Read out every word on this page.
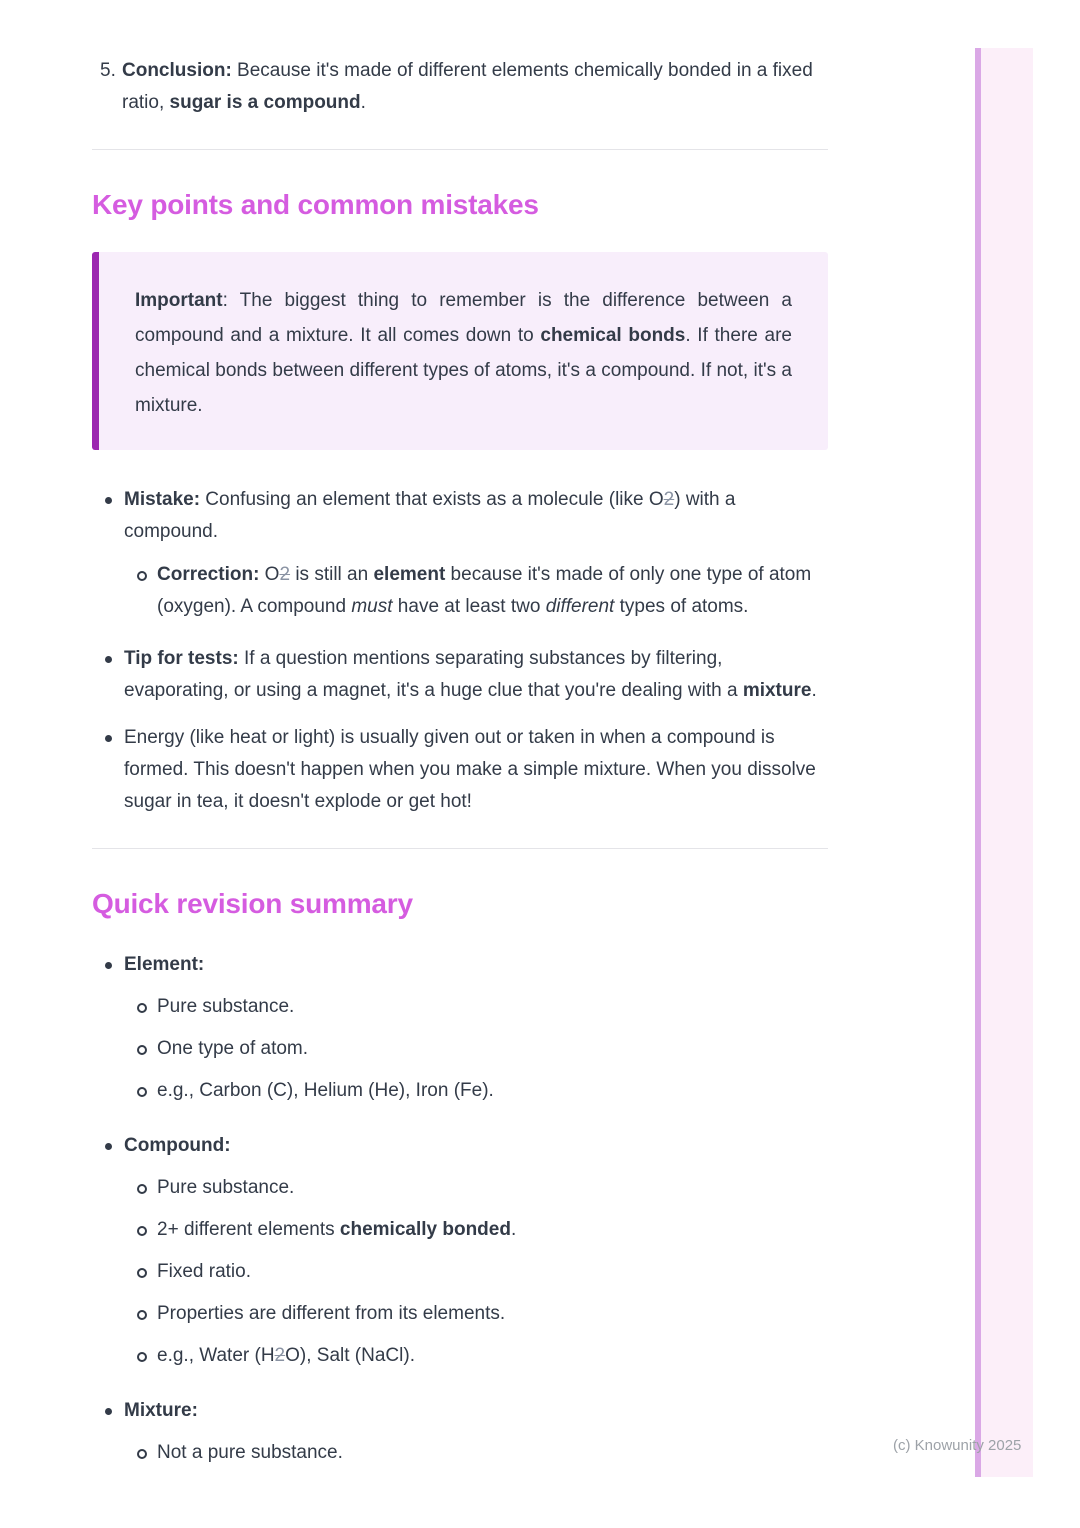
5. Conclusion: Because it's made of different elements chemically bonded in a fixed ratio, sugar is a compound.

Key points and common mistakes

Important: The biggest thing to remember is the difference between a compound and a mixture. It all comes down to chemical bonds. If there are chemical bonds between different types of atoms, it's a compound. If not, it's a mixture.

Mistake: Confusing an element that exists as a molecule (like O2) with a compound.
Correction: O2 is still an element because it's made of only one type of atom (oxygen). A compound must have at least two different types of atoms.
Tip for tests: If a question mentions separating substances by filtering, evaporating, or using a magnet, it's a huge clue that you're dealing with a mixture.
Energy (like heat or light) is usually given out or taken in when a compound is formed. This doesn't happen when you make a simple mixture. When you dissolve sugar in tea, it doesn't explode or get hot!
Quick revision summary
Element:
Pure substance.
One type of atom.
e.g., Carbon (C), Helium (He), Iron (Fe).
Compound:
Pure substance.
2+ different elements chemically bonded.
Fixed ratio.
Properties are different from its elements.
e.g., Water (H2O), Salt (NaCl).
Mixture:
Not a pure substance.	(c) Knowunity 2025
